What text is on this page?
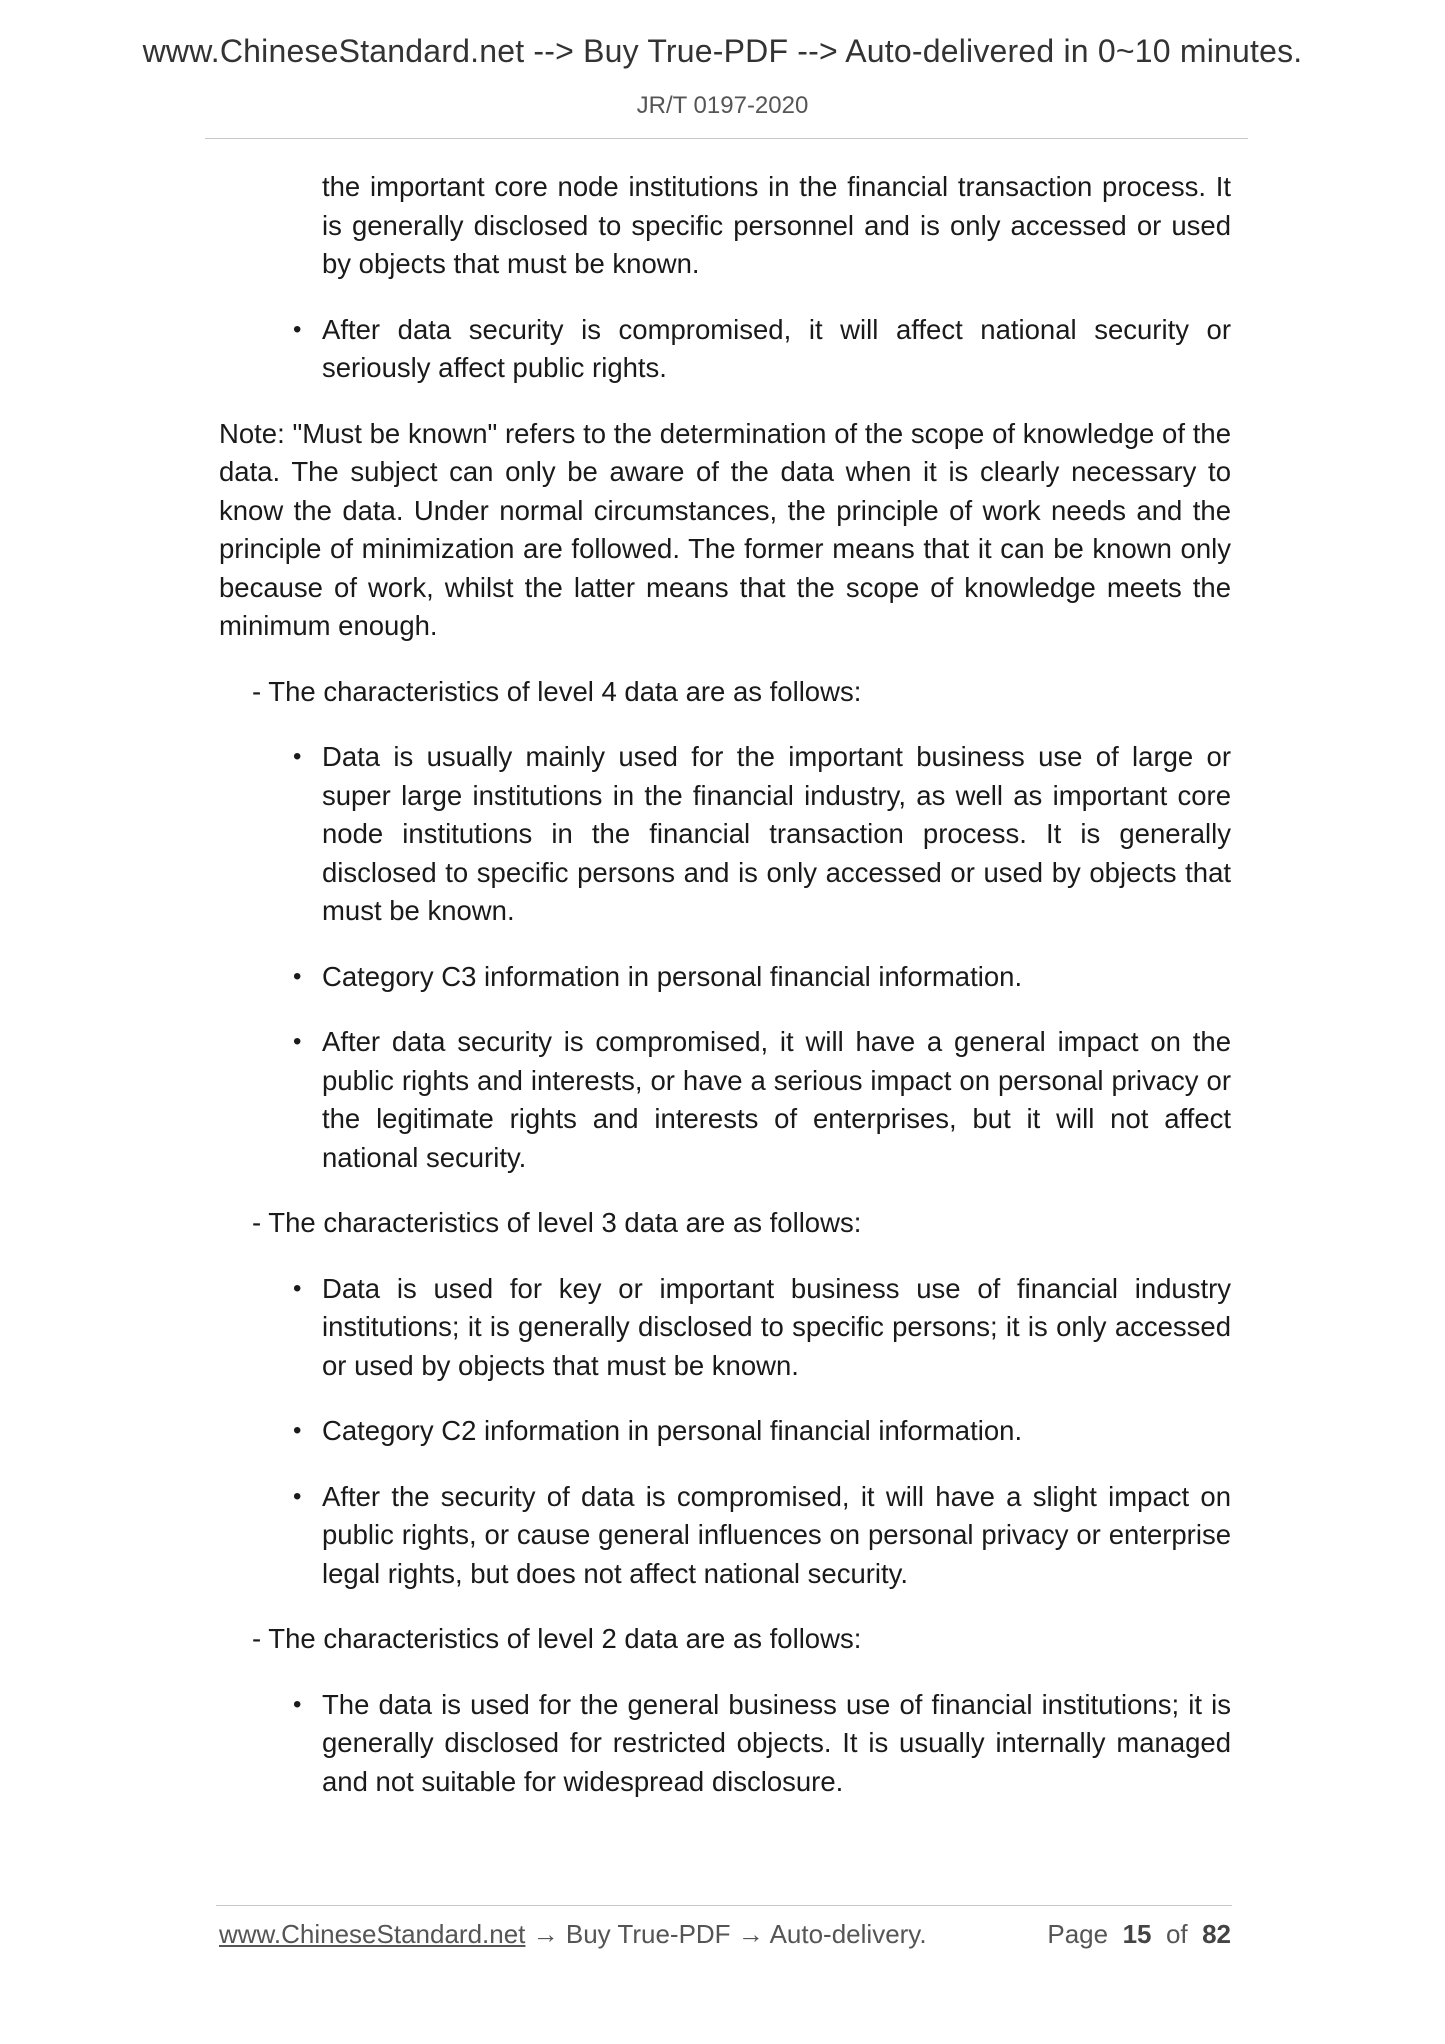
www.ChineseStandard.net --> Buy True-PDF --> Auto-delivered in 0~10 minutes.
JR/T 0197-2020

the important core node institutions in the financial transaction process. It is generally disclosed to specific personnel and is only accessed or used by objects that must be known.

• After data security is compromised, it will affect national security or seriously affect public rights.

Note: "Must be known" refers to the determination of the scope of knowledge of the data. The subject can only be aware of the data when it is clearly necessary to know the data. Under normal circumstances, the principle of work needs and the principle of minimization are followed. The former means that it can be known only because of work, whilst the latter means that the scope of knowledge meets the minimum enough.

- The characteristics of level 4 data are as follows:

• Data is usually mainly used for the important business use of large or super large institutions in the financial industry, as well as important core node institutions in the financial transaction process. It is generally disclosed to specific persons and is only accessed or used by objects that must be known.
• Category C3 information in personal financial information.
• After data security is compromised, it will have a general impact on the public rights and interests, or have a serious impact on personal privacy or the legitimate rights and interests of enterprises, but it will not affect national security.

- The characteristics of level 3 data are as follows:

• Data is used for key or important business use of financial industry institutions; it is generally disclosed to specific persons; it is only accessed or used by objects that must be known.
• Category C2 information in personal financial information.
• After the security of data is compromised, it will have a slight impact on public rights, or cause general influences on personal privacy or enterprise legal rights, but does not affect national security.

- The characteristics of level 2 data are as follows:

• The data is used for the general business use of financial institutions; it is generally disclosed for restricted objects. It is usually internally managed and not suitable for widespread disclosure.
www.ChineseStandard.net → Buy True-PDF → Auto-delivery.	Page 15 of 82
